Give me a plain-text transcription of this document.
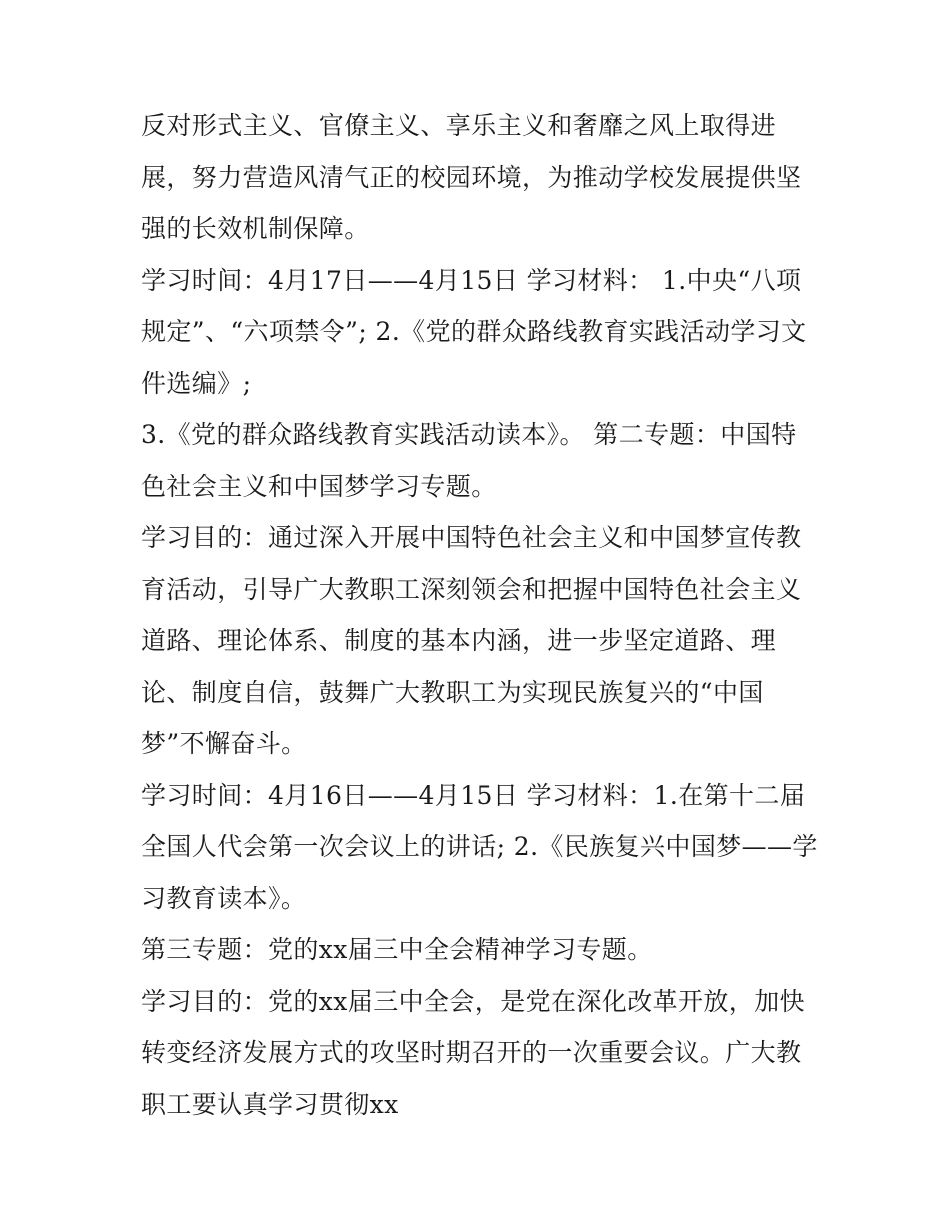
反对形式主义、官僚主义、享乐主义和奢靡之风上取得进展，努力营造风清气正的校园环境，为推动学校发展提供坚强的长效机制保障。

学习时间：4月17日——4月15日 学习材料： 1.中央“八项规定”、“六项禁令”; 2.《党的群众路线教育实践活动学习文件选编》;

3.《党的群众路线教育实践活动读本》。 第二专题：中国特色社会主义和中国梦学习专题。

学习目的：通过深入开展中国特色社会主义和中国梦宣传教育活动，引导广大教职工深刻领会和把握中国特色社会主义道路、理论体系、制度的基本内涵，进一步坚定道路、理论、制度自信，鼓舞广大教职工为实现民族复兴的“中国梦”不懈奋斗。

学习时间：4月16日——4月15日 学习材料：1.在第十二届全国人代会第一次会议上的讲话; 2.《民族复兴中国梦——学习教育读本》。

第三专题：党的xx届三中全会精神学习专题。

学习目的：党的xx届三中全会，是党在深化改革开放，加快转变经济发展方式的攻坚时期召开的一次重要会议。广大教职工要认真学习贯彻xx
